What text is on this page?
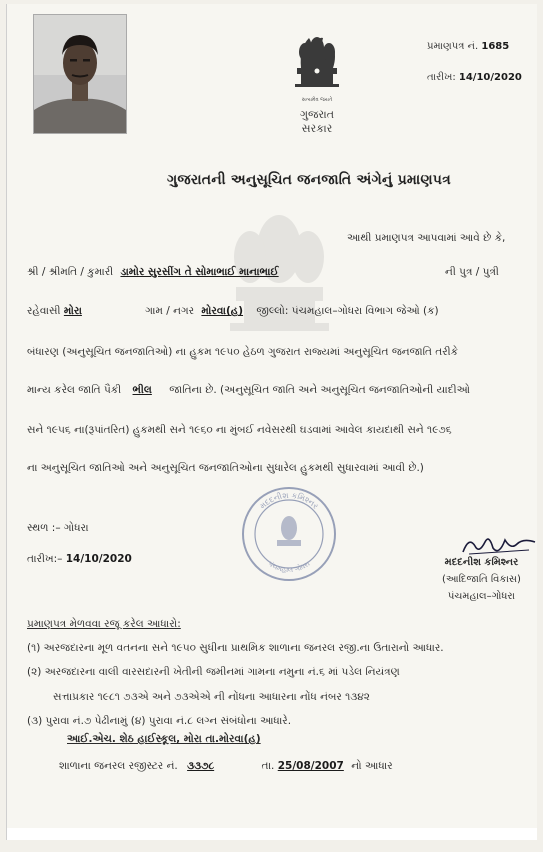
સત્યમેવ જયતે
ગુજરાત સરકાર
પ્રમાણપત્ર નં. 1685
તારીખ: 14/10/2020
ગુજરાતની અનુસૂચિત જનજાતિ અંગેનું પ્રમાણપત્ર
આથી પ્રમાણપત્ર આપવામાં આવે છે કે,
શ્રી / શ્રીમતિ / કુમારી ડામોર સુરસીંગ તે સોમાભાઈ માનાભાઈ	ની પુત્ર / પુત્રી
રહેવાસી મોરા	ગામ / નગર મોરવા(હ) જીલ્લો: પંચમહાલ–ગોધરા વિભાગ જેઓ (ક)
બંધારણ (અનુસૂચિત જનજાતિઓ) ના હુકમ ૧૯૫૦ હેઠળ ગુજરાત રાજ્યમાં અનુસૂચિત જનજાતિ તરીકે
માન્ય કરેલ જાતિ પૈકી ભીલ જાતિના છે. (અનુસૂચિત જાતિ અને અનુસૂચિત જનજાતિઓની યાદીઓ
સને ૧૯૫૬ ના(રૂપાંતરિત) હુકમથી સને ૧૯૬૦ ના મુંબઈ નવેસરથી ઘડવામાં આવેલ કાયદાથી સને ૧૯૭૬
ના અનુસૂચિત જાતિઓ અને અનુસૂચિત જનજાતિઓના સુધારેલ હુકમથી સુધારવામાં આવી છે.)
સ્થળ :– ગોધરા
તારીખ:– 14/10/2020
મદદનીશ કમિશ્નર
પંચમહાલ ગોધરા	મદદનીશ કમિશ્નર
(આદિજાતિ વિકાસ)
પંચમહાલ–ગોધરા
પ્રમાણપત્ર મેળવવા રજૂ કરેલ આધારો:
(૧) અરજદારના મૂળ વતનના સને ૧૯૫૦ સુધીના પ્રાથમિક શાળાના જનરલ રજી.ના ઉતારાનો આધાર.
(૨) અરજદારના વાલી વારસદારની ખેતીની જમીનમાં ગામના નમુના નં.૬ માં પડેલ નિયંત્રણ
સત્તાપ્રકાર ૧૯૮૧ ૭૩એ અને ૭૩એએ ની નોંધના આધારના નોંધ નંબર ૧૩૪૨
(૩) પુરાવા નં.૭ પેઢીનામું (૪) પુરાવા નં.૮ લગ્ન સંબંધોના આધારે.
આઈ.એચ. શેઠ હાઈસ્કૂલ, મોરા તા.મોરવા(હ)
શાળાના જનરલ રજીસ્ટર નં. ૩૩૭૮	તા. 25/08/2007 નો આધાર
